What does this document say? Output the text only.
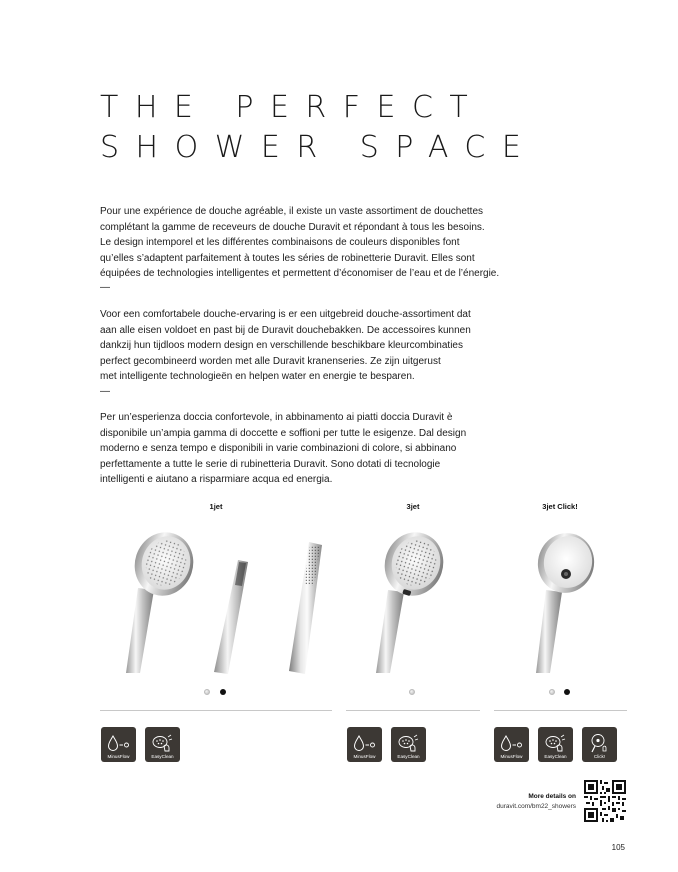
THE PERFECT
SHOWER SPACE

Pour une expérience de douche agréable, il existe un vaste assortiment de douchettes

complétant la gamme de receveurs de douche Duravit et répondant à tous les besoins.

Le design intemporel et les différentes combinaisons de couleurs disponibles font

qu’elles s’adaptent parfaitement à toutes les séries de robinetterie Duravit. Elles sont

équipées de technologies intelligentes et permettent d’économiser de l’eau et de l’énergie.

—

Voor een comfortabele douche-ervaring is er een uitgebreid douche-assortiment dat

aan alle eisen voldoet en past bij de Duravit douchebakken. De accessoires kunnen

dankzij hun tijdloos modern design en verschillende beschikbare kleurcombinaties

perfect gecombineerd worden met alle Duravit kranenseries. Ze zijn uitgerust

met intelligente technologieën en helpen water en energie te besparen.

—

Per un’esperienza doccia confortevole, in abbinamento ai piatti doccia Duravit è

disponibile un’ampia gamma di doccette e soffioni per tutte le esigenze. Dal design

moderno e senza tempo e disponibili in varie combinazioni di colore, si abbinano

perfettamente a tutte le serie di rubinetteria Duravit. Sono dotati di tecnologie

intelligenti e aiutano a risparmiare acqua ed energia.

1jet	3jet	3jet Click!
MinusFlow	EasyClean	MinusFlow	EasyClean	MinusFlow	EasyClean	Click!
More details on
duravit.com/bm22_showers
105
